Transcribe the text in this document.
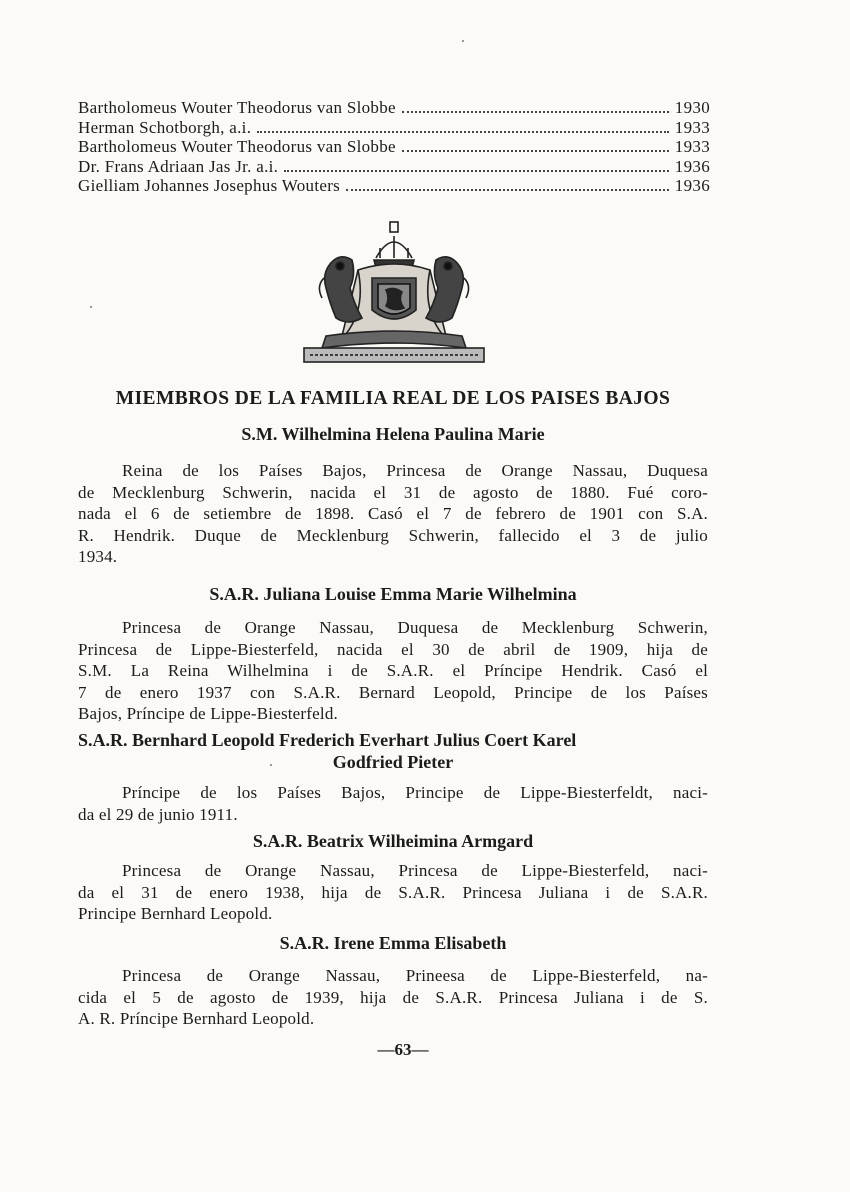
Bartholomeus Wouter Theodorus van Slobbe	1930
Herman Schotborgh, a.i.	1933
Bartholomeus Wouter Theodorus van Slobbe	1933
Dr. Frans Adriaan Jas Jr. a.i.	1936
Gielliam Johannes Josephus Wouters	1936
MIEMBROS DE LA FAMILIA REAL DE LOS PAISES BAJOS
S.M. Wilhelmina Helena Paulina Marie
Reina de los Países Bajos, Princesa de Orange Nassau, Duquesa
de Mecklenburg Schwerin, nacida el 31 de agosto de 1880. Fué coro-
nada el 6 de setiembre de 1898. Casó el 7 de febrero de 1901 con S.A.
R. Hendrik. Duque de Mecklenburg Schwerin, fallecido el 3 de julio
1934.
S.A.R. Juliana Louise Emma Marie Wilhelmina
Princesa de Orange Nassau, Duquesa de Mecklenburg Schwerin,
Princesa de Lippe-Biesterfeld, nacida el 30 de abril de 1909, hija de
S.M. La Reina Wilhelmina i de S.A.R. el Príncipe Hendrik. Casó el
7 de enero 1937 con S.A.R. Bernard Leopold, Principe de los Países
Bajos, Príncipe de Lippe-Biesterfeld.
S.A.R. Bernhard Leopold Frederich Everhart Julius Coert Karel
Godfried Pieter
Príncipe de los Países Bajos, Principe de Lippe-Biesterfeldt, naci-
da el 29 de junio 1911.
S.A.R. Beatrix Wilheimina Armgard
Princesa de Orange Nassau, Princesa de Lippe-Biesterfeld, naci-
da el 31 de enero 1938, hija de S.A.R. Princesa Juliana i de S.A.R.
Principe Bernhard Leopold.
S.A.R. Irene Emma Elisabeth
Princesa de Orange Nassau, Prineesa de Lippe-Biesterfeld, na-
cida el 5 de agosto de 1939, hija de S.A.R. Princesa Juliana i de S.
A. R. Príncipe Bernhard Leopold.
—63—
